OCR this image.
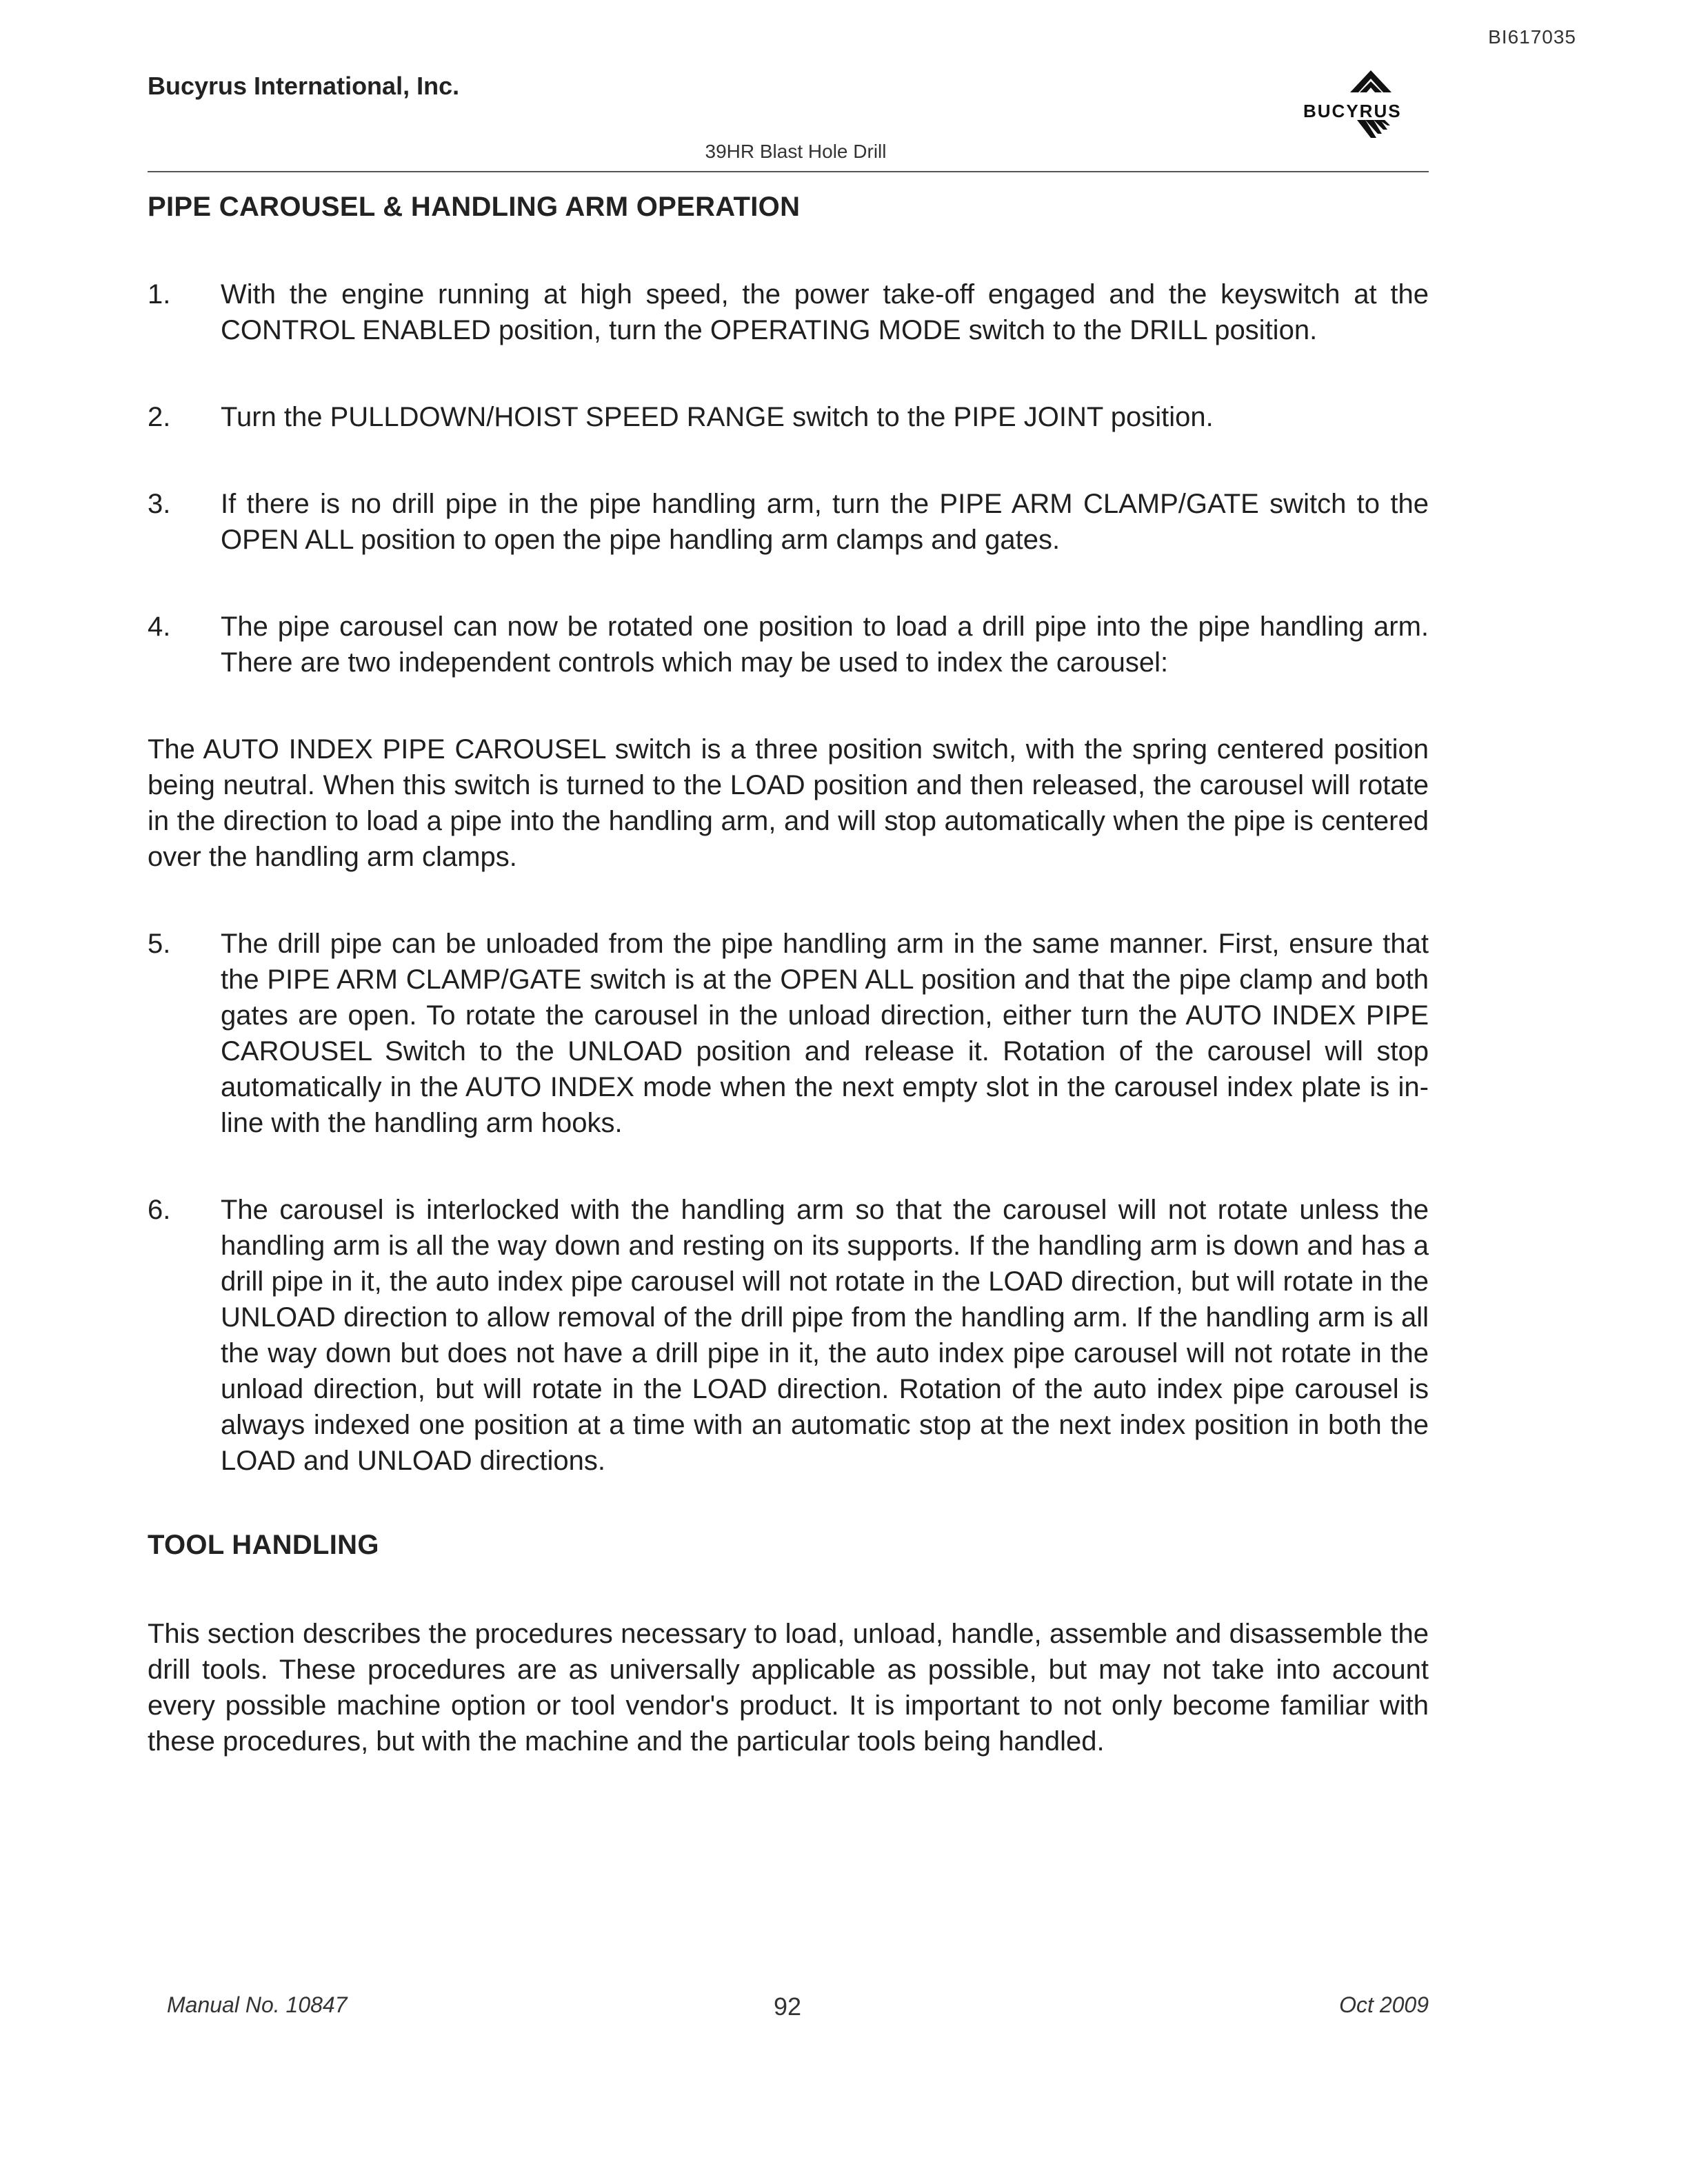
BI617035
Bucyrus International, Inc.
BUCYRUS
39HR Blast Hole Drill
PIPE CAROUSEL & HANDLING ARM OPERATION
1.	With the engine running at high speed, the power take-off engaged and the keyswitch at the CONTROL ENABLED position, turn the OPERATING MODE switch to the DRILL position.
2.	Turn the PULLDOWN/HOIST SPEED RANGE switch to the PIPE JOINT position.
3.	If there is no drill pipe in the pipe handling arm, turn the PIPE ARM CLAMP/GATE switch to the OPEN ALL position to open the pipe handling arm clamps and gates.
4.	The pipe carousel can now be rotated one position to load a drill pipe into the pipe handling arm. There are two independent controls which may be used to index the carousel:

The AUTO INDEX PIPE CAROUSEL switch is a three position switch, with the spring centered position being neutral. When this switch is turned to the LOAD position and then released, the carousel will rotate in the direction to load a pipe into the handling arm, and will stop automatically when the pipe is centered over the handling arm clamps.

5.	The drill pipe can be unloaded from the pipe handling arm in the same manner. First, ensure that the PIPE ARM CLAMP/GATE switch is at the OPEN ALL position and that the pipe clamp and both gates are open. To rotate the carousel in the unload direction, either turn the AUTO INDEX PIPE CAROUSEL Switch to the UNLOAD position and release it. Rotation of the carousel will stop automatically in the AUTO INDEX mode when the next empty slot in the carousel index plate is in-line with the handling arm hooks.
6.	The carousel is interlocked with the handling arm so that the carousel will not rotate unless the handling arm is all the way down and resting on its supports. If the handling arm is down and has a drill pipe in it, the auto index pipe carousel will not rotate in the LOAD direction, but will rotate in the UNLOAD direction to allow removal of the drill pipe from the handling arm. If the handling arm is all the way down but does not have a drill pipe in it, the auto index pipe carousel will not rotate in the unload direction, but will rotate in the LOAD direction. Rotation of the auto index pipe carousel is always indexed one position at a time with an automatic stop at the next index position in both the LOAD and UNLOAD directions.
TOOL HANDLING

This section describes the procedures necessary to load, unload, handle, assemble and disassemble the drill tools. These procedures are as universally applicable as possible, but may not take into account every possible machine option or tool vendor's product. It is important to not only become familiar with these procedures, but with the machine and the particular tools being handled.

Manual No. 10847	92	Oct 2009
